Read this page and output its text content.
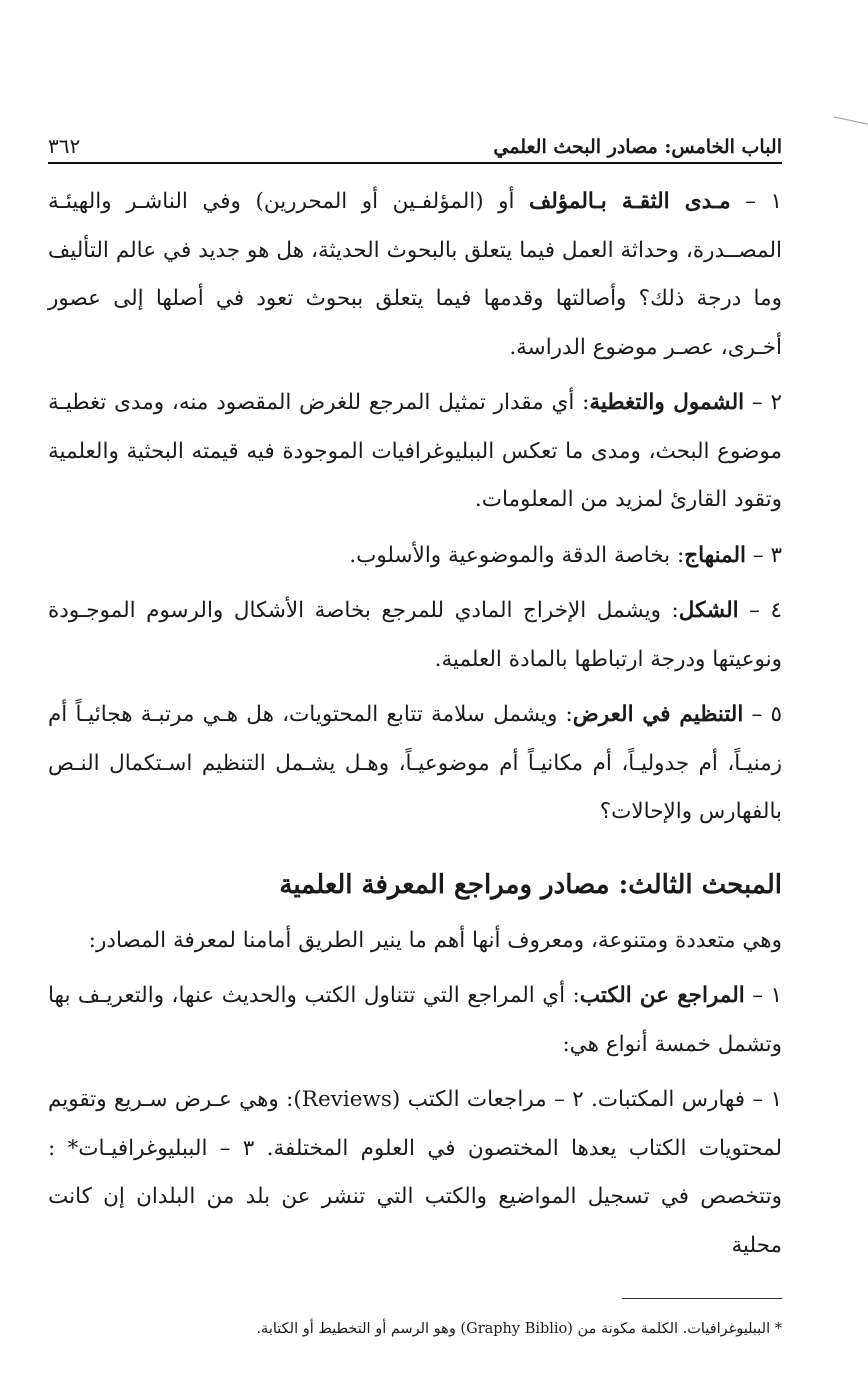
الباب الخامس: مصادر البحث العلمي
٣٦٢

١ – مـدى الثقـة بـالمؤلف أو (المؤلفـين أو المحررين) وفي الناشـر والهيئـة المصــدرة، وحداثة العمل فيما يتعلق بالبحوث الحديثة، هل هو جديد في عالم التأليف وما درجة ذلك؟ وأصالتها وقدمها فيما يتعلق ببحوث تعود في أصلها إلى عصور أخـرى، عصـر موضوع الدراسة.

٢ – الشمول والتغطية: أي مقدار تمثيل المرجع للغرض المقصود منه، ومدى تغطيـة موضوع البحث، ومدى ما تعكس الببليوغرافيات الموجودة فيه قيمته البحثية والعلمية وتقود القارئ لمزيد من المعلومات.

٣ – المنهاج: بخاصة الدقة والموضوعية والأسلوب.

٤ – الشكل: ويشمل الإخراج المادي للمرجع بخاصة الأشكال والرسوم الموجـودة ونوعيتها ودرجة ارتباطها بالمادة العلمية.

٥ – التنظيم في العرض: ويشمل سلامة تتابع المحتويات، هل هـي مرتبـة هجائيـاً أم زمنيـاً، أم جدوليـاً، أم مكانيـاً أم موضوعيـاً، وهـل يشـمل التنظيم اسـتكمال النـص بالفهارس والإحالات؟

المبحث الثالث: مصادر ومراجع المعرفة العلمية

وهي متعددة ومتنوعة، ومعروف أنها أهم ما ينير الطريق أمامنا لمعرفة المصادر:

١ – المراجع عن الكتب: أي المراجع التي تتناول الكتب والحديث عنها، والتعريـف بها وتشمل خمسة أنواع هي:

١ – فهارس المكتبات. ٢ – مراجعات الكتب (Reviews): وهي عـرض سـريع وتقويم لمحتويات الكتاب يعدها المختصون في العلوم المختلفة. ٣ – الببليوغرافيـات* : وتتخصص في تسجيل المواضيع والكتب التي تنشر عن بلد من البلدان إن كانت محلية

* الببليوغرافيات. الكلمة مكونة من (Graphy Biblio) وهو الرسم أو التخطيط أو الكتابة.
